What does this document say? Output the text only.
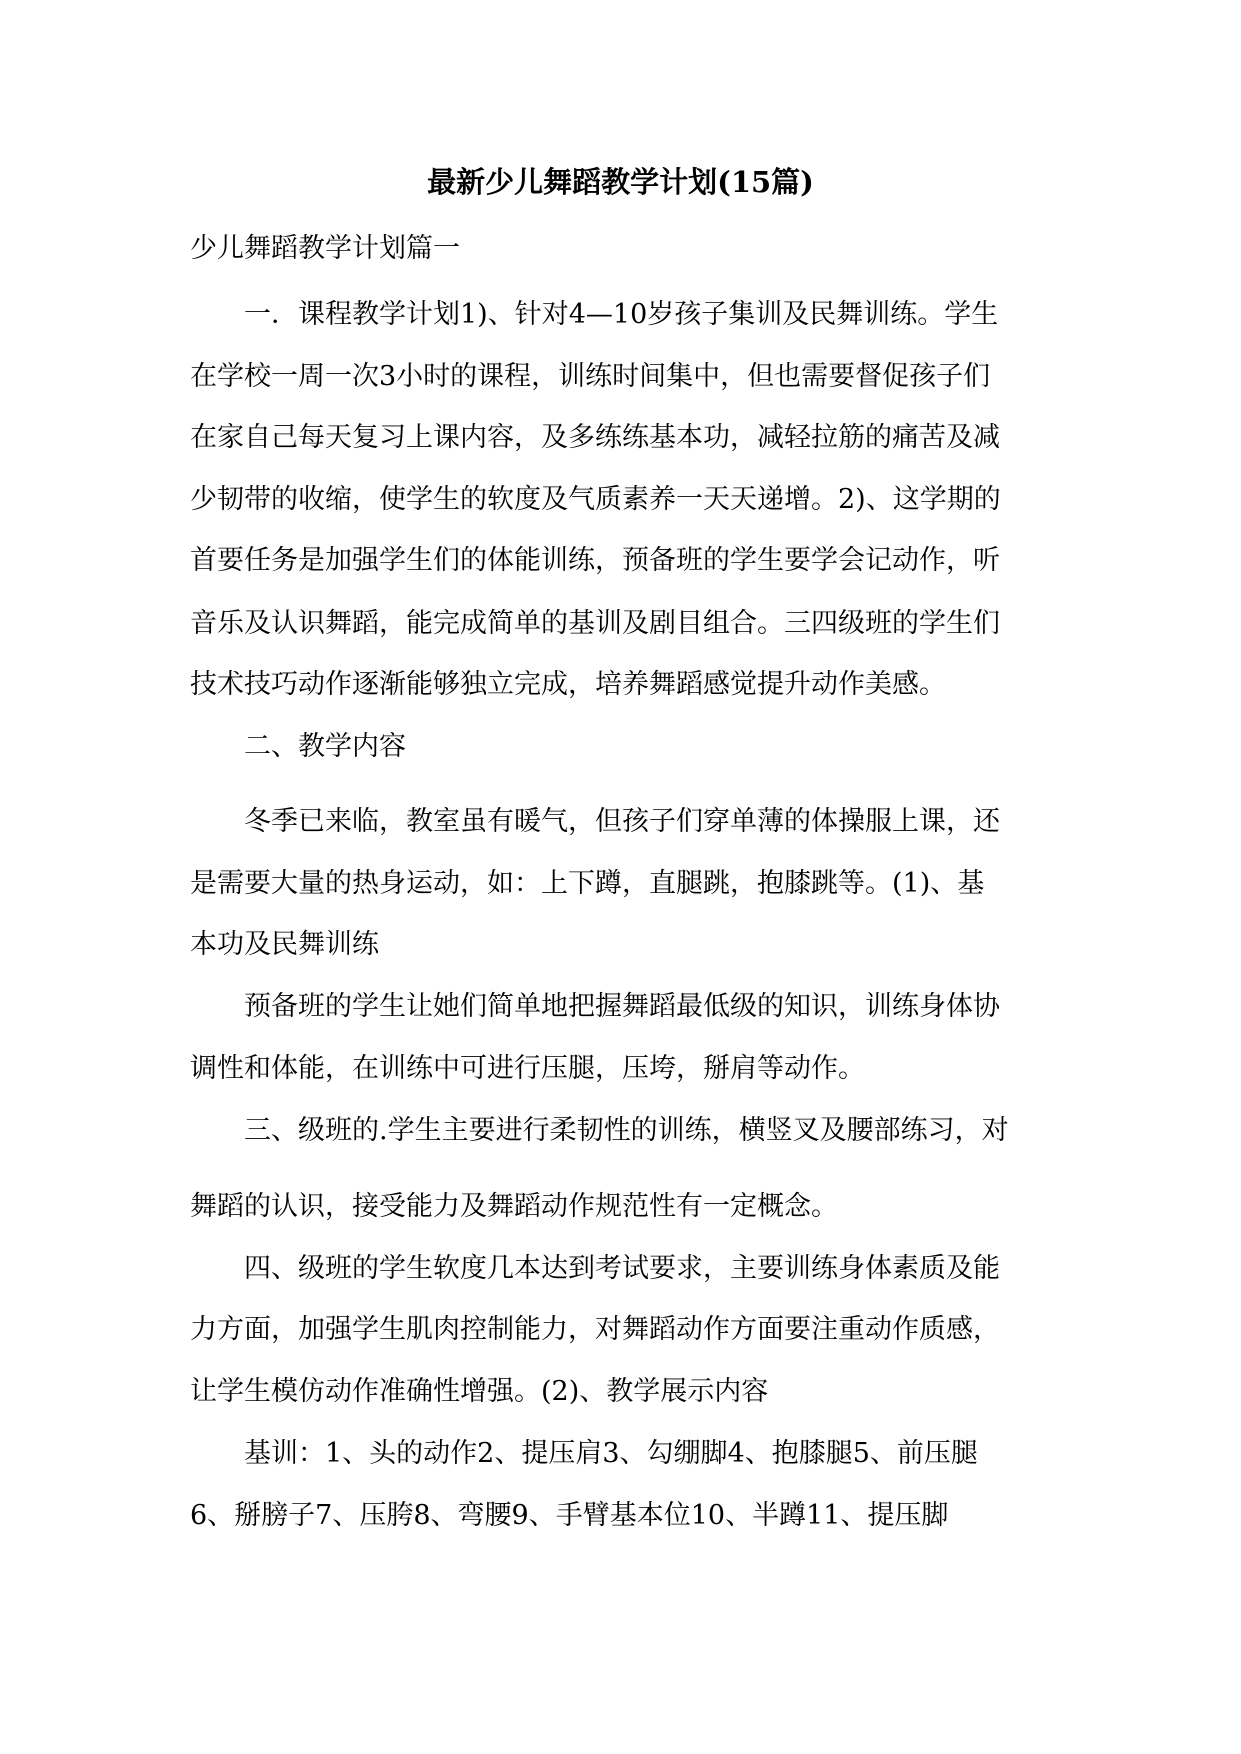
最新少儿舞蹈教学计划(15篇)
少儿舞蹈教学计划篇一
　　一．课程教学计划1)、针对4—10岁孩子集训及民舞训练。学生
在学校一周一次3小时的课程，训练时间集中，但也需要督促孩子们
在家自己每天复习上课内容，及多练练基本功，减轻拉筋的痛苦及减
少韧带的收缩，使学生的软度及气质素养一天天递增。2)、这学期的
首要任务是加强学生们的体能训练，预备班的学生要学会记动作，听
音乐及认识舞蹈，能完成简单的基训及剧目组合。三四级班的学生们
技术技巧动作逐渐能够独立完成，培养舞蹈感觉提升动作美感。
　　二、教学内容
　　冬季已来临，教室虽有暖气，但孩子们穿单薄的体操服上课，还
是需要大量的热身运动，如：上下蹲，直腿跳，抱膝跳等。(1)、基
本功及民舞训练
　　预备班的学生让她们简单地把握舞蹈最低级的知识，训练身体协
调性和体能，在训练中可进行压腿，压垮，掰肩等动作。
　　三、级班的.学生主要进行柔韧性的训练，横竖叉及腰部练习，对
舞蹈的认识，接受能力及舞蹈动作规范性有一定概念。
　　四、级班的学生软度几本达到考试要求，主要训练身体素质及能
力方面，加强学生肌肉控制能力，对舞蹈动作方面要注重动作质感，
让学生模仿动作准确性增强。(2)、教学展示内容
　　基训：1、头的动作2、提压肩3、勾绷脚4、抱膝腿5、前压腿
6、掰膀子7、压胯8、弯腰9、手臂基本位10、半蹲11、提压脚
